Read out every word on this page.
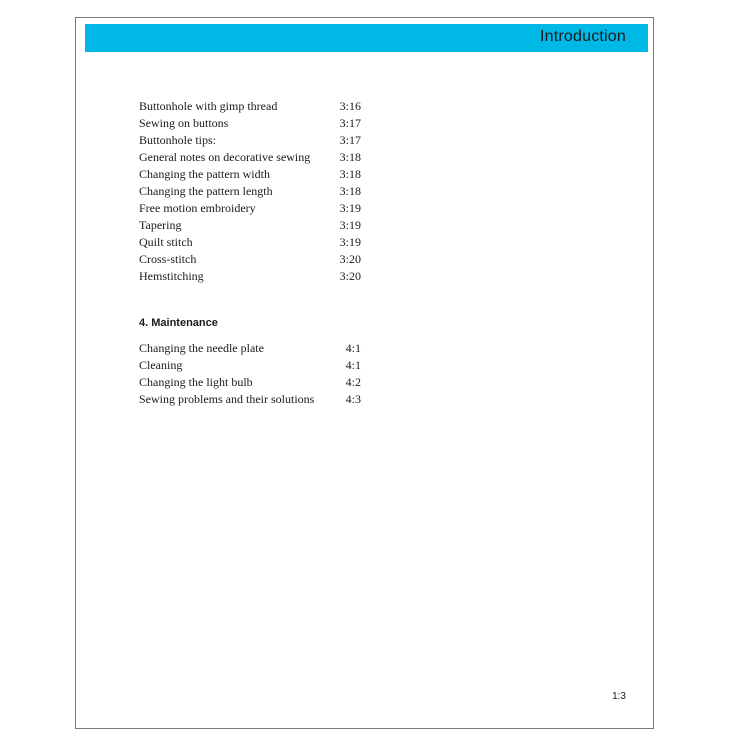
Introduction
Buttonhole with gimp thread	3:16
Sewing on buttons	3:17
Buttonhole tips:	3:17
General notes on decorative sewing 3:18
Changing the pattern width	3:18
Changing the pattern length	3:18
Free motion embroidery	3:19
Tapering	3:19
Quilt stitch	3:19
Cross-stitch	3:20
Hemstitching	3:20
4. Maintenance
Changing the needle plate	4:1
Cleaning	4:1
Changing the light bulb	4:2
Sewing problems and their solutions	4:3
1:3
